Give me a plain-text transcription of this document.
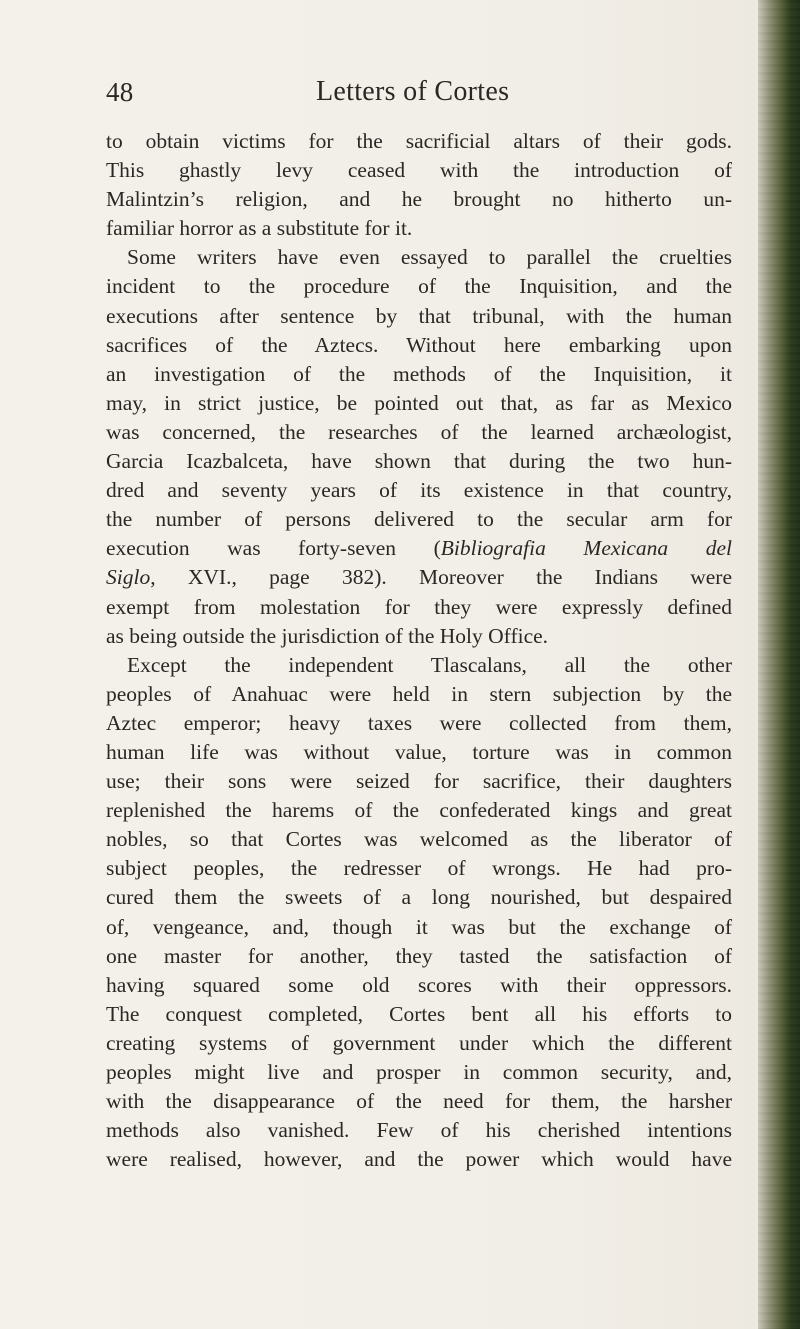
48	Letters of Cortes
to obtain victims for the sacrificial altars of their gods.
This ghastly levy ceased with the introduction of
Malintzin’s religion, and he brought no hitherto un-
familiar horror as a substitute for it.
Some writers have even essayed to parallel the cruelties
incident to the procedure of the Inquisition, and the
executions after sentence by that tribunal, with the human
sacrifices of the Aztecs. Without here embarking upon
an investigation of the methods of the Inquisition, it
may, in strict justice, be pointed out that, as far as Mexico
was concerned, the researches of the learned archæologist,
Garcia Icazbalceta, have shown that during the two hun-
dred and seventy years of its existence in that country,
the number of persons delivered to the secular arm for
execution was forty-seven (Bibliografia Mexicana del
Siglo, XVI., page 382). Moreover the Indians were
exempt from molestation for they were expressly defined
as being outside the jurisdiction of the Holy Office.
Except the independent Tlascalans, all the other
peoples of Anahuac were held in stern subjection by the
Aztec emperor; heavy taxes were collected from them,
human life was without value, torture was in common
use; their sons were seized for sacrifice, their daughters
replenished the harems of the confederated kings and great
nobles, so that Cortes was welcomed as the liberator of
subject peoples, the redresser of wrongs. He had pro-
cured them the sweets of a long nourished, but despaired
of, vengeance, and, though it was but the exchange of
one master for another, they tasted the satisfaction of
having squared some old scores with their oppressors.
The conquest completed, Cortes bent all his efforts to
creating systems of government under which the different
peoples might live and prosper in common security, and,
with the disappearance of the need for them, the harsher
methods also vanished. Few of his cherished intentions
were realised, however, and the power which would have
